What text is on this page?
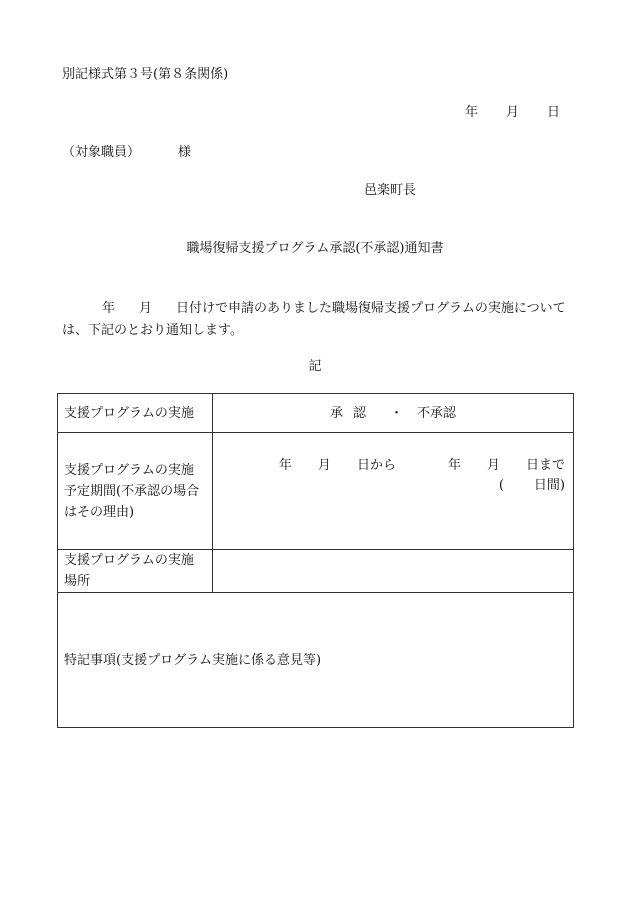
別記様式第３号(第８条関係)
年 月 日
（対象職員）	様
邑楽町長
職場復帰支援プログラム承認(不承認)通知書
年 月 日付けで申請のありました職場復帰支援プログラムの実施については、下記のとおり通知します。
記
支援プログラムの実施	承認 ・ 不承認
支援プログラムの実施予定期間(不承認の場合はその理由)	年 月 日から 年 月 日まで
( 日間)

支援プログラムの実施場所	
特記事項(支援プログラム実施に係る意見等)	
